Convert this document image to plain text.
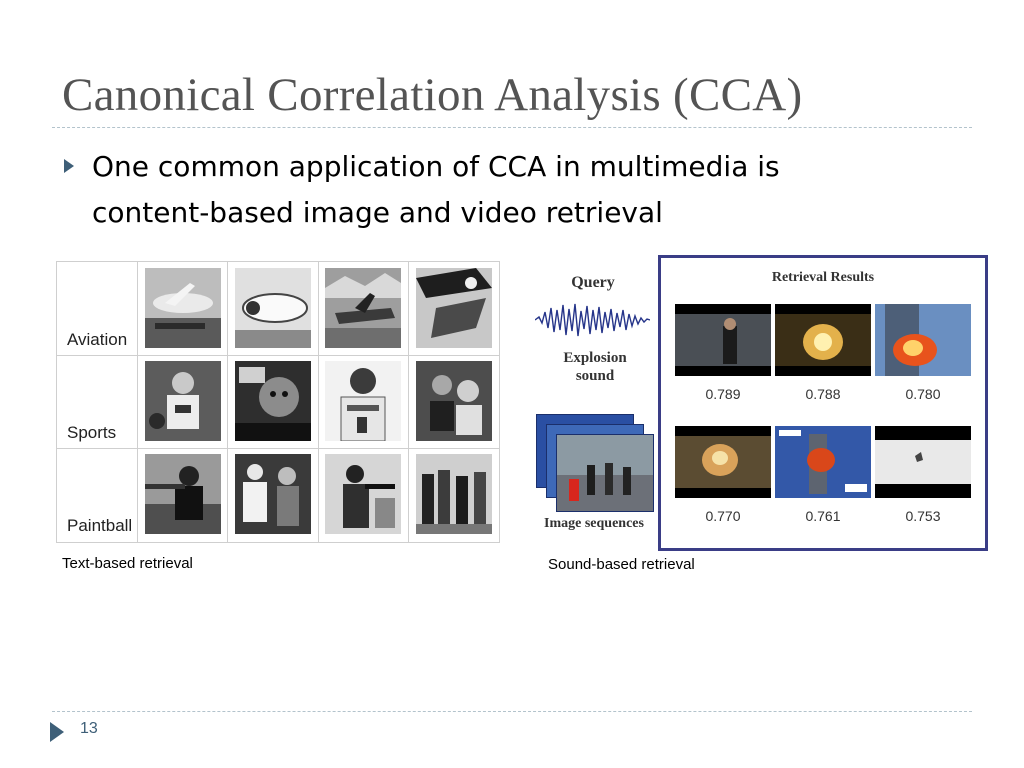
Canonical Correlation Analysis (CCA)
One common application of CCA in multimedia is content-based image and video retrieval
Aviation
Sports
Paintball
Text-based retrieval
Query
Explosion sound
Image sequences
Retrieval Results
0.789	0.788	0.780
0.770	0.761	0.753
Sound-based retrieval
13
